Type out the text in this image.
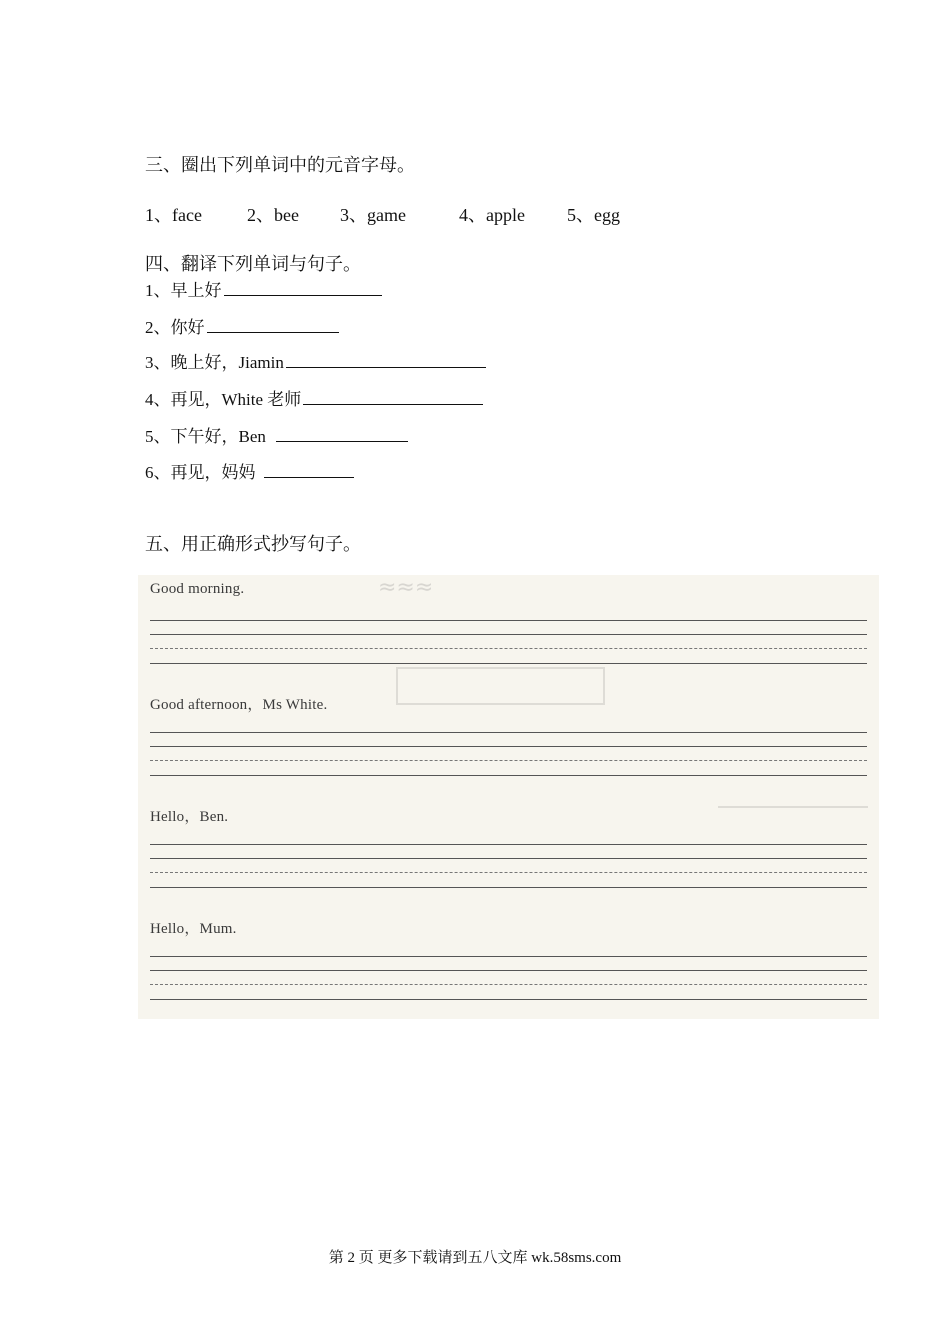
三、圈出下列单词中的元音字母。
1、face	2、bee 3、game	4、apple 5、egg
四、翻译下列单词与句子。
1、早上好
2、你好
3、晚上好，Jiamin
4、再见，White 老师
5、下午好，Ben
6、再见，妈妈
五、用正确形式抄写句子。
≈≈≈
Good morning.
Good afternoon，Ms White.
Hello，Ben.
Hello，Mum.
第 2 页 更多下载请到五八文库 wk.58sms.com
